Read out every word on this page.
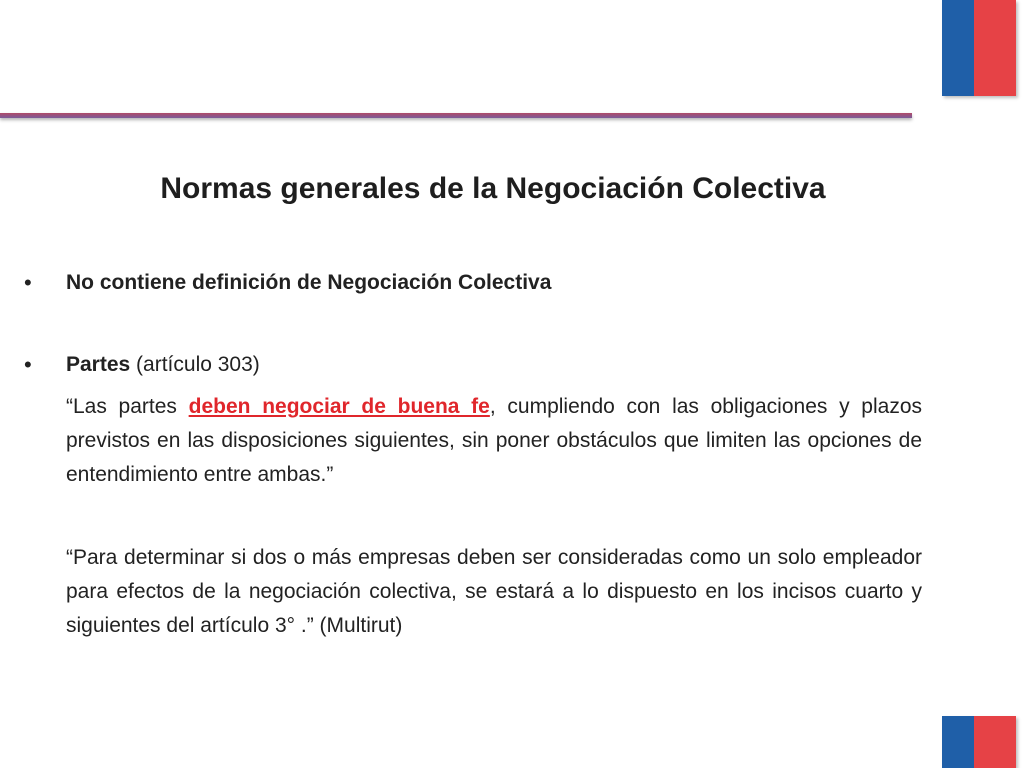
Normas generales de la Negociación Colectiva
• No contiene definición de Negociación Colectiva
• Partes (artículo 303)

“Las partes deben negociar de buena fe, cumpliendo con las obligaciones y plazos previstos en las disposiciones siguientes, sin poner obstáculos que limiten las opciones de entendimiento entre ambas.”

“Para determinar si dos o más empresas deben ser consideradas como un solo empleador para efectos de la negociación colectiva, se estará a lo dispuesto en los incisos cuarto y siguientes del artículo 3° .” (Multirut)
